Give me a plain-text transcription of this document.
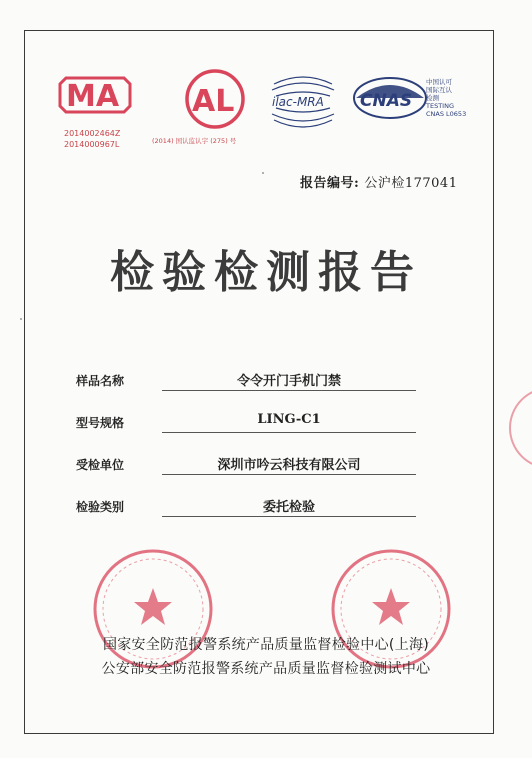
MA
2014002464Z
2014000967L
AL
(2014) 国认监认字 (275) 号
ilac-MRA CNAS
中国认可
国际互认
检测
TESTING
CNAS L0653
报告编号: 公沪检177041
检验检测报告
样品名称	令令开门手机门禁
型号规格	LING-C1
受检单位	深圳市吟云科技有限公司
检验类别	委托检验
国家安全防范报警系统产品质量监督检验中心(上海)
公安部安全防范报警系统产品质量监督检验测试中心
